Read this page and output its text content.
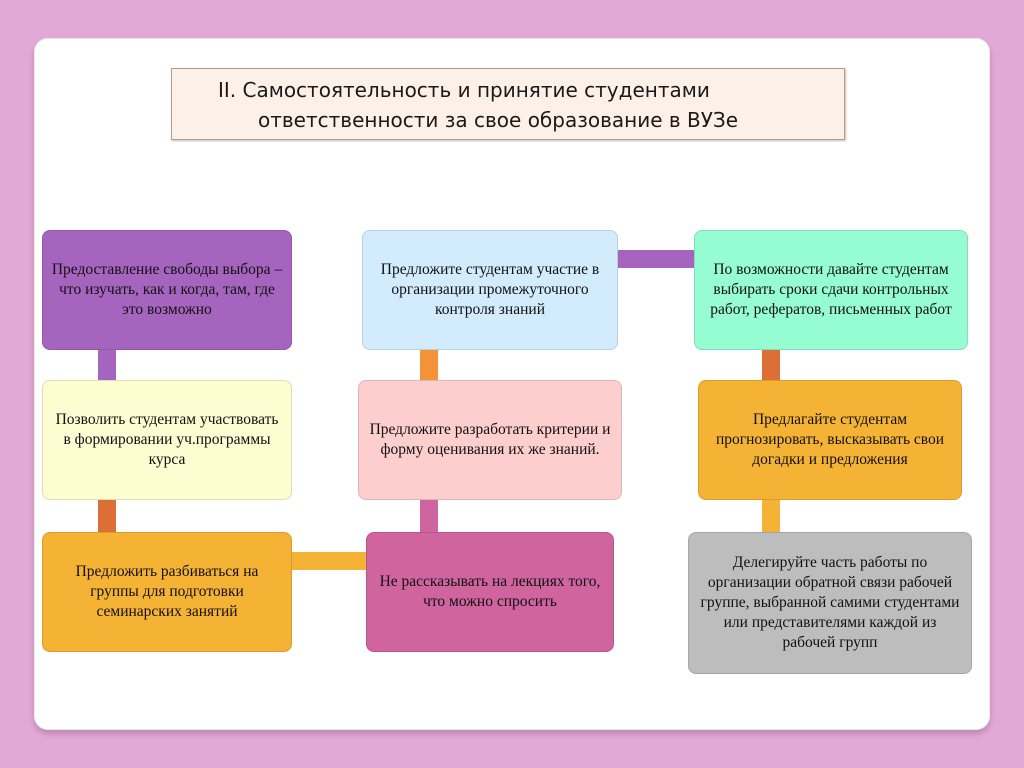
II. Самостоятельность и принятие студентами
ответственности за свое образование в ВУЗе
Предоставление свободы выбора – что изучать, как и когда, там, где это возможно
Позволить студентам участвовать в формировании уч.программы курса
Предложить разбиваться на группы для подготовки семинарских занятий
Предложите студентам участие в организации промежуточного контроля знаний
Предложите разработать критерии и форму оценивания их же знаний.
Не рассказывать на лекциях того, что можно спросить
По возможности давайте студентам выбирать сроки сдачи контрольных работ, рефератов, письменных работ
Предлагайте студентам прогнозировать, высказывать свои догадки и предложения
Делегируйте часть работы по организации обратной связи рабочей группе, выбранной самими студентами или представителями каждой из рабочей групп
